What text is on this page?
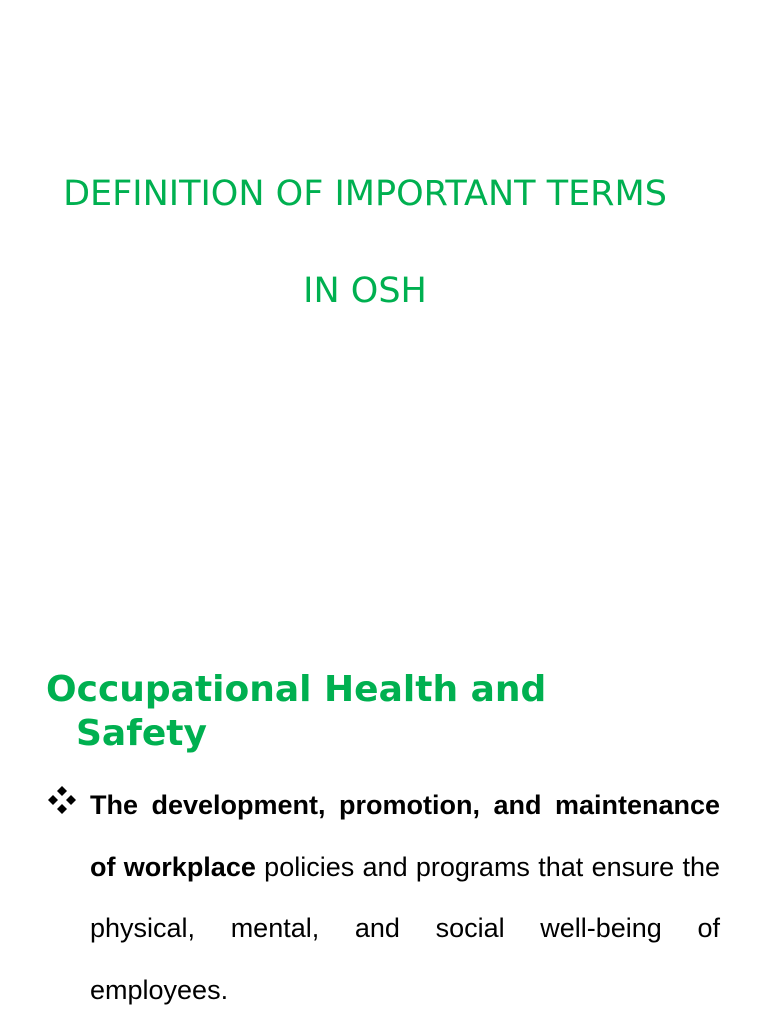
DEFINITION OF IMPORTANT TERMS
IN OSH
Occupational Health and
Safety
The development, promotion, and maintenance of workplace policies and programs that ensure the physical, mental, and social well-being of employees.
